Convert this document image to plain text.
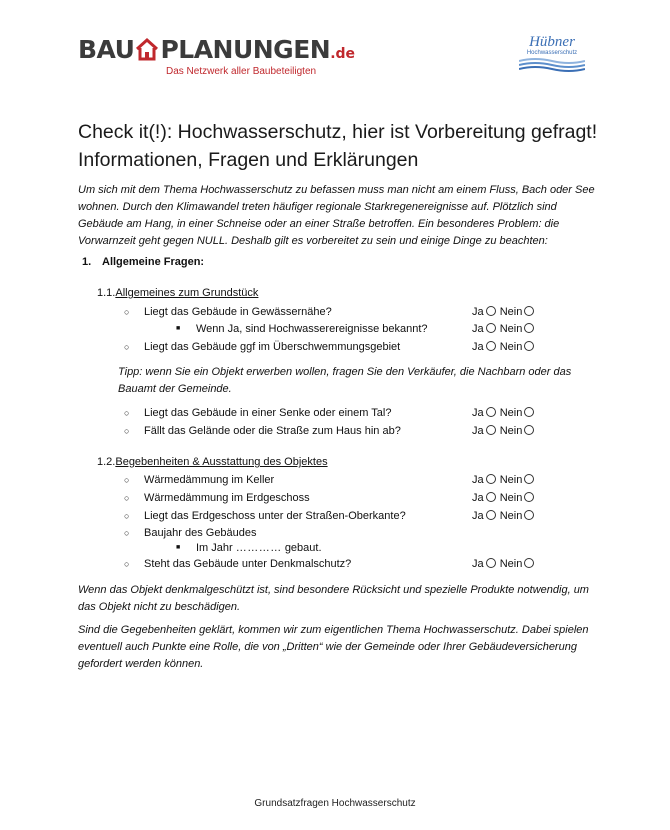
BAU PLANUNGEN.de
Das Netzwerk aller Baubeteiligten
Hübner
Hochwasserschutz
Check it(!): Hochwasserschutz, hier ist Vorbereitung gefragt! Informationen, Fragen und Erklärungen
Um sich mit dem Thema Hochwasserschutz zu befassen muss man nicht am einem Fluss, Bach oder See wohnen. Durch den Klimawandel treten häufiger regionale Starkregenereignisse auf. Plötzlich sind Gebäude am Hang, in einer Schneise oder an einer Straße betroffen. Ein besonderes Problem: die Vorwarnzeit geht gegen NULL. Deshalb gilt es vorbereitet zu sein und einige Dinge zu beachten:
1. Allgemeine Fragen:
1.1.Allgemeines zum Grundstück
○ Liegt das Gebäude in Gewässernähe?	Ja Nein
■ Wenn Ja, sind Hochwasserereignisse bekannt?	Ja Nein
○ Liegt das Gebäude ggf im Überschwemmungsgebiet	Ja Nein
Tipp: wenn Sie ein Objekt erwerben wollen, fragen Sie den Verkäufer, die Nachbarn oder das Bauamt der Gemeinde.
○ Liegt das Gebäude in einer Senke oder einem Tal?	Ja Nein
○ Fällt das Gelände oder die Straße zum Haus hin ab?	Ja Nein
1.2.Begebenheiten & Ausstattung des Objektes
○ Wärmedämmung im Keller	Ja Nein
○ Wärmedämmung im Erdgeschoss	Ja Nein
○ Liegt das Erdgeschoss unter der Straßen-Oberkante?	Ja Nein
○ Baujahr des Gebäudes
■ Im Jahr ………… gebaut.
○ Steht das Gebäude unter Denkmalschutz?	Ja Nein
Wenn das Objekt denkmalgeschützt ist, sind besondere Rücksicht und spezielle Produkte notwendig, um das Objekt nicht zu beschädigen.
Sind die Gegebenheiten geklärt, kommen wir zum eigentlichen Thema Hochwasserschutz. Dabei spielen eventuell auch Punkte eine Rolle, die von „Dritten“ wie der Gemeinde oder Ihrer Gebäudeversicherung gefordert werden können.
Grundsatzfragen Hochwasserschutz
